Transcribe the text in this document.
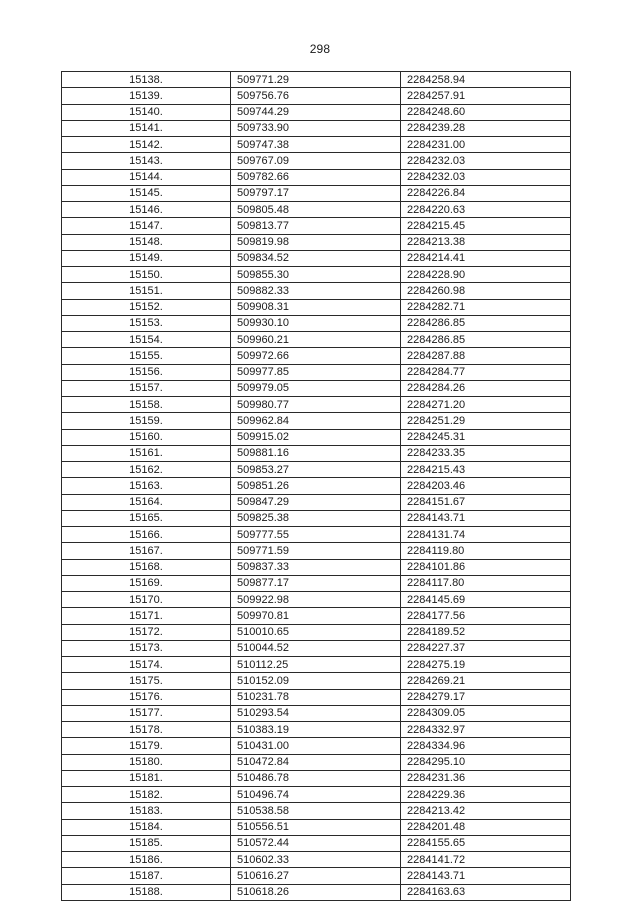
298
15138.	509771.29	2284258.94
15139.	509756.76	2284257.91
15140.	509744.29	2284248.60
15141.	509733.90	2284239.28
15142.	509747.38	2284231.00
15143.	509767.09	2284232.03
15144.	509782.66	2284232.03
15145.	509797.17	2284226.84
15146.	509805.48	2284220.63
15147.	509813.77	2284215.45
15148.	509819.98	2284213.38
15149.	509834.52	2284214.41
15150.	509855.30	2284228.90
15151.	509882.33	2284260.98
15152.	509908.31	2284282.71
15153.	509930.10	2284286.85
15154.	509960.21	2284286.85
15155.	509972.66	2284287.88
15156.	509977.85	2284284.77
15157.	509979.05	2284284.26
15158.	509980.77	2284271.20
15159.	509962.84	2284251.29
15160.	509915.02	2284245.31
15161.	509881.16	2284233.35
15162.	509853.27	2284215.43
15163.	509851.26	2284203.46
15164.	509847.29	2284151.67
15165.	509825.38	2284143.71
15166.	509777.55	2284131.74
15167.	509771.59	2284119.80
15168.	509837.33	2284101.86
15169.	509877.17	2284117.80
15170.	509922.98	2284145.69
15171.	509970.81	2284177.56
15172.	510010.65	2284189.52
15173.	510044.52	2284227.37
15174.	510112.25	2284275.19
15175.	510152.09	2284269.21
15176.	510231.78	2284279.17
15177.	510293.54	2284309.05
15178.	510383.19	2284332.97
15179.	510431.00	2284334.96
15180.	510472.84	2284295.10
15181.	510486.78	2284231.36
15182.	510496.74	2284229.36
15183.	510538.58	2284213.42
15184.	510556.51	2284201.48
15185.	510572.44	2284155.65
15186.	510602.33	2284141.72
15187.	510616.27	2284143.71
15188.	510618.26	2284163.63
